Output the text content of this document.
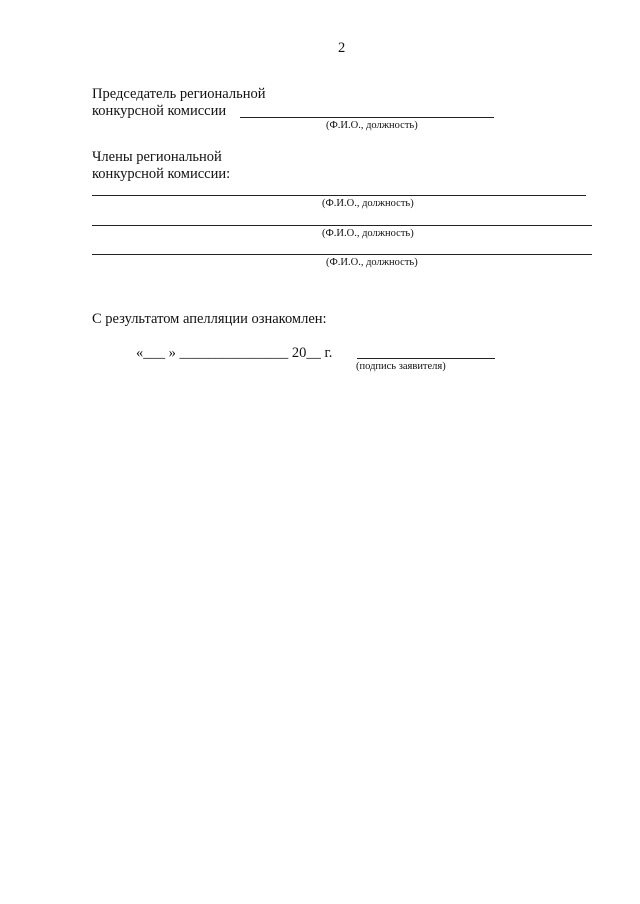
2
Председатель региональной
конкурсной комиссии
(Ф.И.О., должность)
Члены региональной
конкурсной комиссии:
(Ф.И.О., должность)
(Ф.И.О., должность)
(Ф.И.О., должность)
С результатом апелляции ознакомлен:
«___ » _______________ 20__ г.
(подпись заявителя)
